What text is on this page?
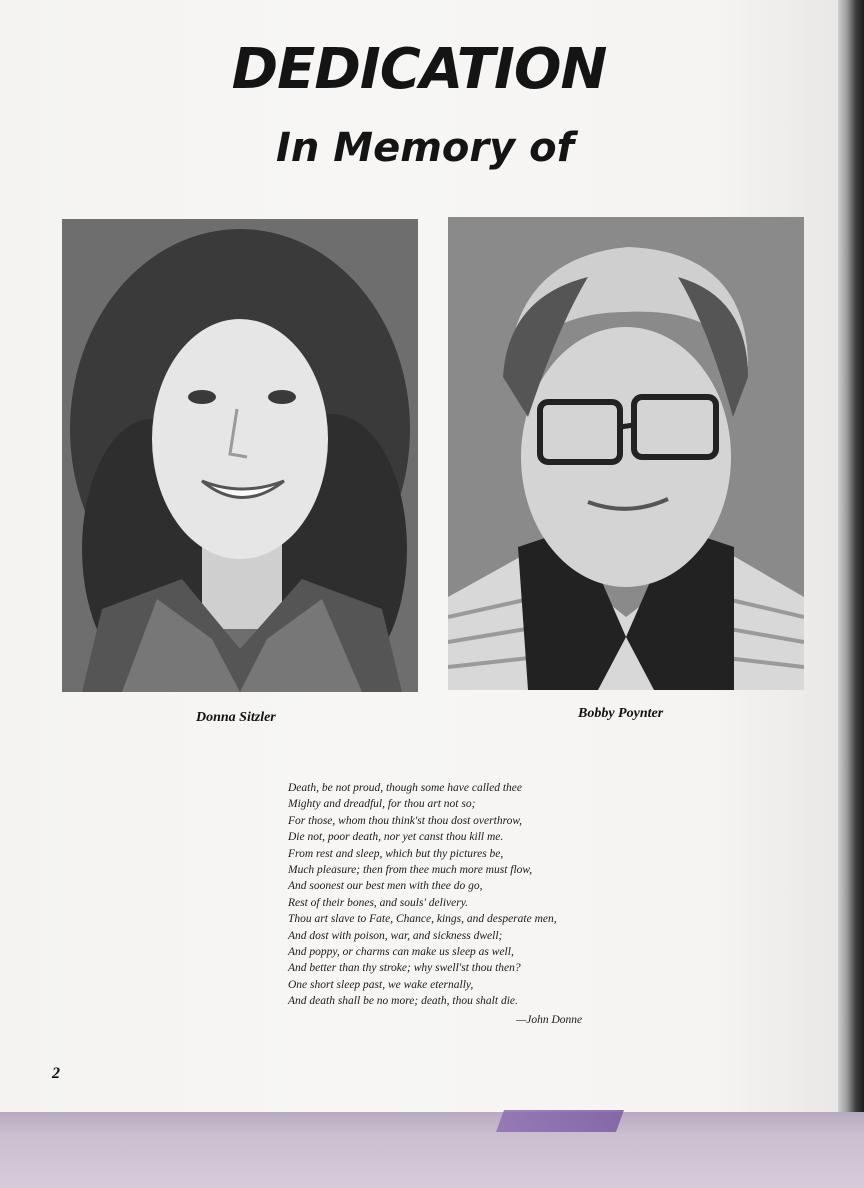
DEDICATION
In Memory of
Donna Sitzler	Bobby Poynter
Death, be not proud, though some have called thee
Mighty and dreadful, for thou art not so;
For those, whom thou think'st thou dost overthrow,
Die not, poor death, nor yet canst thou kill me.
From rest and sleep, which but thy pictures be,
Much pleasure; then from thee much more must flow,
And soonest our best men with thee do go,
Rest of their bones, and souls' delivery.
Thou art slave to Fate, Chance, kings, and desperate men,
And dost with poison, war, and sickness dwell;
And poppy, or charms can make us sleep as well,
And better than thy stroke; why swell'st thou then?
One short sleep past, we wake eternally,
And death shall be no more; death, thou shalt die.
—John Donne
2
